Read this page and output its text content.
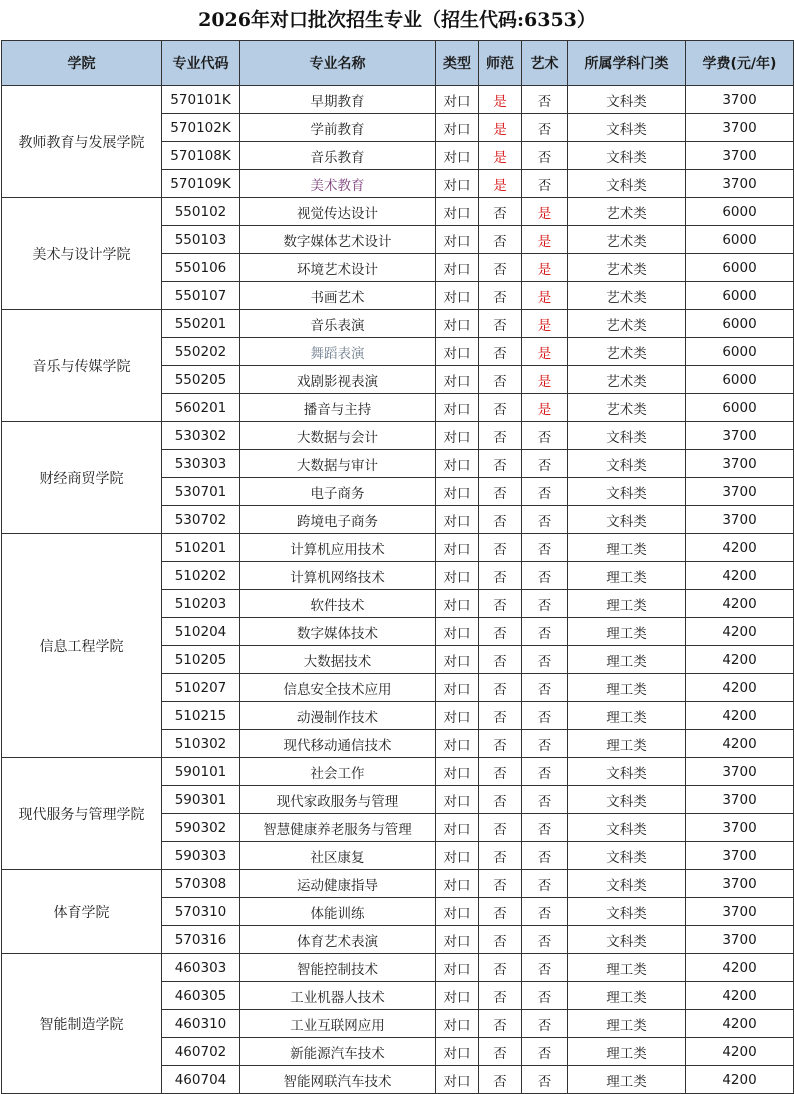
2026年对口批次招生专业（招生代码:6353）
学院	专业代码	专业名称	类型	师范	艺术	所属学科门类	学费(元/年)
教师教育与发展学院	570101K	早期教育	对口	是	否	文科类	3700
	570102K	学前教育	对口	是	否	文科类	3700
	570108K	音乐教育	对口	是	否	文科类	3700
	570109K	美术教育	对口	是	否	文科类	3700
美术与设计学院	550102	视觉传达设计	对口	否	是	艺术类	6000
	550103	数字媒体艺术设计	对口	否	是	艺术类	6000
	550106	环境艺术设计	对口	否	是	艺术类	6000
	550107	书画艺术	对口	否	是	艺术类	6000
音乐与传媒学院	550201	音乐表演	对口	否	是	艺术类	6000
	550202	舞蹈表演	对口	否	是	艺术类	6000
	550205	戏剧影视表演	对口	否	是	艺术类	6000
	560201	播音与主持	对口	否	是	艺术类	6000
财经商贸学院	530302	大数据与会计	对口	否	否	文科类	3700
	530303	大数据与审计	对口	否	否	文科类	3700
	530701	电子商务	对口	否	否	文科类	3700
	530702	跨境电子商务	对口	否	否	文科类	3700
信息工程学院	510201	计算机应用技术	对口	否	否	理工类	4200
	510202	计算机网络技术	对口	否	否	理工类	4200
	510203	软件技术	对口	否	否	理工类	4200
	510204	数字媒体技术	对口	否	否	理工类	4200
	510205	大数据技术	对口	否	否	理工类	4200
	510207	信息安全技术应用	对口	否	否	理工类	4200
	510215	动漫制作技术	对口	否	否	理工类	4200
	510302	现代移动通信技术	对口	否	否	理工类	4200
现代服务与管理学院	590101	社会工作	对口	否	否	文科类	3700
	590301	现代家政服务与管理	对口	否	否	文科类	3700
	590302	智慧健康养老服务与管理	对口	否	否	文科类	3700
	590303	社区康复	对口	否	否	文科类	3700
体育学院	570308	运动健康指导	对口	否	否	文科类	3700
	570310	体能训练	对口	否	否	文科类	3700
	570316	体育艺术表演	对口	否	否	文科类	3700
智能制造学院	460303	智能控制技术	对口	否	否	理工类	4200
	460305	工业机器人技术	对口	否	否	理工类	4200
	460310	工业互联网应用	对口	否	否	理工类	4200
	460702	新能源汽车技术	对口	否	否	理工类	4200
	460704	智能网联汽车技术	对口	否	否	理工类	4200
